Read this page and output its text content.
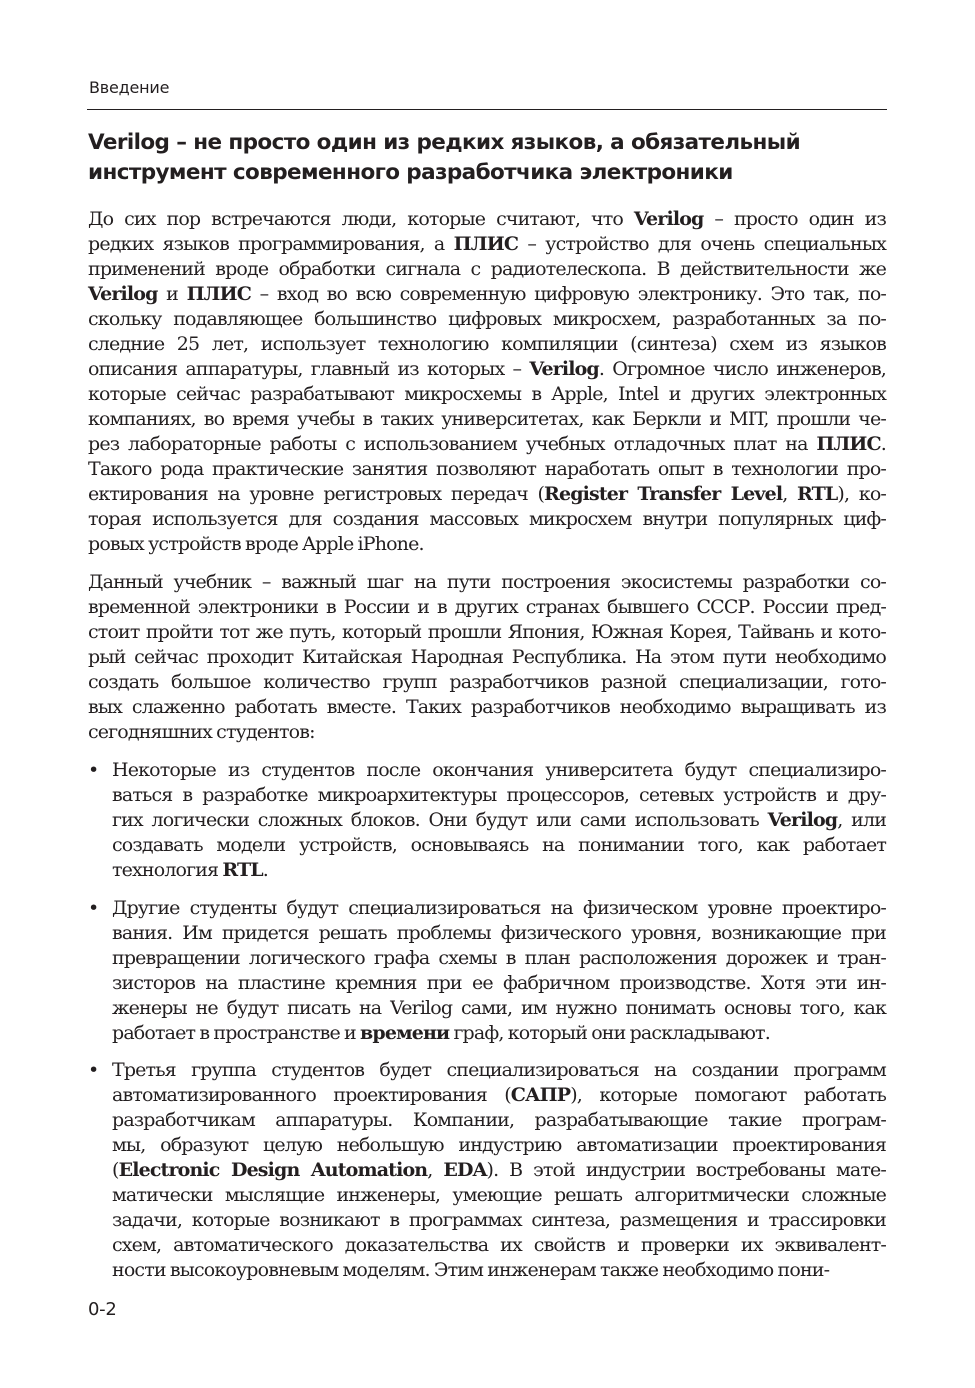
Введение
Verilog – не просто один из редких языков, а обязательный
инструмент современного разработчика электроники
До сих пор встречаются люди, которые считают, что Verilog – просто один из
редких языков программирования, а ПЛИС – устройство для очень специальных
применений вроде обработки сигнала с радиотелескопа. В действительности же
Verilog и ПЛИС – вход во всю современную цифровую электронику. Это так, по-
скольку подавляющее большинство цифровых микросхем, разработанных за по-
следние 25 лет, использует технологию компиляции (синтеза) схем из языков
описания аппаратуры, главный из которых – Verilog. Огромное число инженеров,
которые сейчас разрабатывают микросхемы в Apple, Intel и других электронных
компаниях, во время учебы в таких университетах, как Беркли и MIT, прошли че-
рез лабораторные работы с использованием учебных отладочных плат на ПЛИС.
Такого рода практические занятия позволяют наработать опыт в технологии про-
ектирования на уровне регистровых передач (Register Transfer Level, RTL), ко-
торая используется для создания массовых микросхем внутри популярных циф-
ровых устройств вроде Apple iPhone.
Данный учебник – важный шаг на пути построения экосистемы разработки со-
временной электроники в России и в других странах бывшего СССР. России пред-
стоит пройти тот же путь, который прошли Япония, Южная Корея, Тайвань и кото-
рый сейчас проходит Китайская Народная Республика. На этом пути необходимо
создать большое количество групп разработчиков разной специализации, гото-
вых слаженно работать вместе. Таких разработчиков необходимо выращивать из
сегодняшних студентов:
• Некоторые из студентов после окончания университета будут специализиро-
ваться в разработке микроархитектуры процессоров, сетевых устройств и дру-
гих логически сложных блоков. Они будут или сами использовать Verilog, или
создавать модели устройств, основываясь на понимании того, как работает
технология RTL.
• Другие студенты будут специализироваться на физическом уровне проектиро-
вания. Им придется решать проблемы физического уровня, возникающие при
превращении логического графа схемы в план расположения дорожек и тран-
зисторов на пластине кремния при ее фабричном производстве. Хотя эти ин-
женеры не будут писать на Verilog сами, им нужно понимать основы того, как
работает в пространстве и времени граф, который они раскладывают.
• Третья группа студентов будет специализироваться на создании программ
автоматизированного проектирования (САПР), которые помогают работать
разработчикам аппаратуры. Компании, разрабатывающие такие програм-
мы, образуют целую небольшую индустрию автоматизации проектирования
(Electronic Design Automation, EDA). В этой индустрии востребованы мате-
матически мыслящие инженеры, умеющие решать алгоритмически сложные
задачи, которые возникают в программах синтеза, размещения и трассировки
схем, автоматического доказательства их свойств и проверки их эквивалент-
ности высокоуровневым моделям. Этим инженерам также необходимо пони-
0-2
